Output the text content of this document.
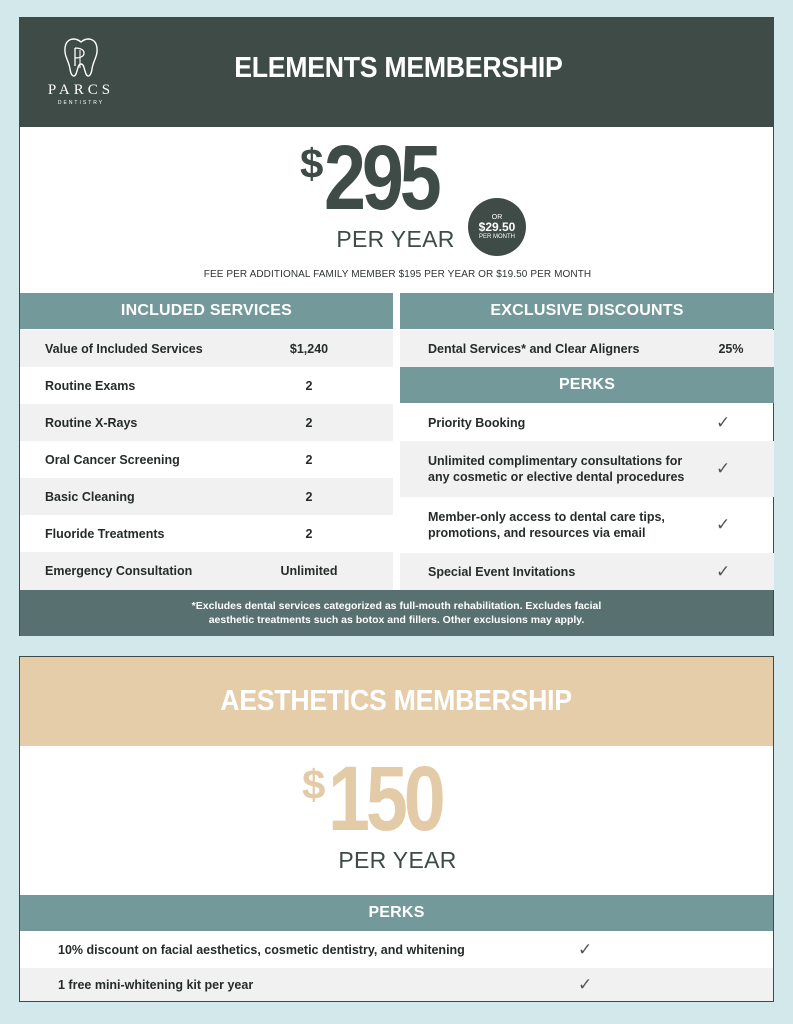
PARCS
DENTISTRY
ELEMENTS MEMBERSHIP
$ 295
PER YEAR
OR
$29.50
PER MONTH
FEE PER ADDITIONAL FAMILY MEMBER $195 PER YEAR OR $19.50 PER MONTH
INCLUDED SERVICES
Value of Included Services	$1,240
Routine Exams	2
Routine X-Rays	2
Oral Cancer Screening	2
Basic Cleaning	2
Fluoride Treatments	2
Emergency Consultation	Unlimited
EXCLUSIVE DISCOUNTS
Dental Services* and Clear Aligners	25%
PERKS
Priority Booking	✓
Unlimited complimentary consultations for
any cosmetic or elective dental procedures ✓
Member-only access to dental care tips,
promotions, and resources via email	✓
Special Event Invitations	✓
*Excludes dental services categorized as full-mouth rehabilitation. Excludes facial
aesthetic treatments such as botox and fillers. Other exclusions may apply.
AESTHETICS MEMBERSHIP
$ 150
PER YEAR
PERKS
10% discount on facial aesthetics, cosmetic dentistry, and whitening	✓
1 free mini-whitening kit per year	✓
